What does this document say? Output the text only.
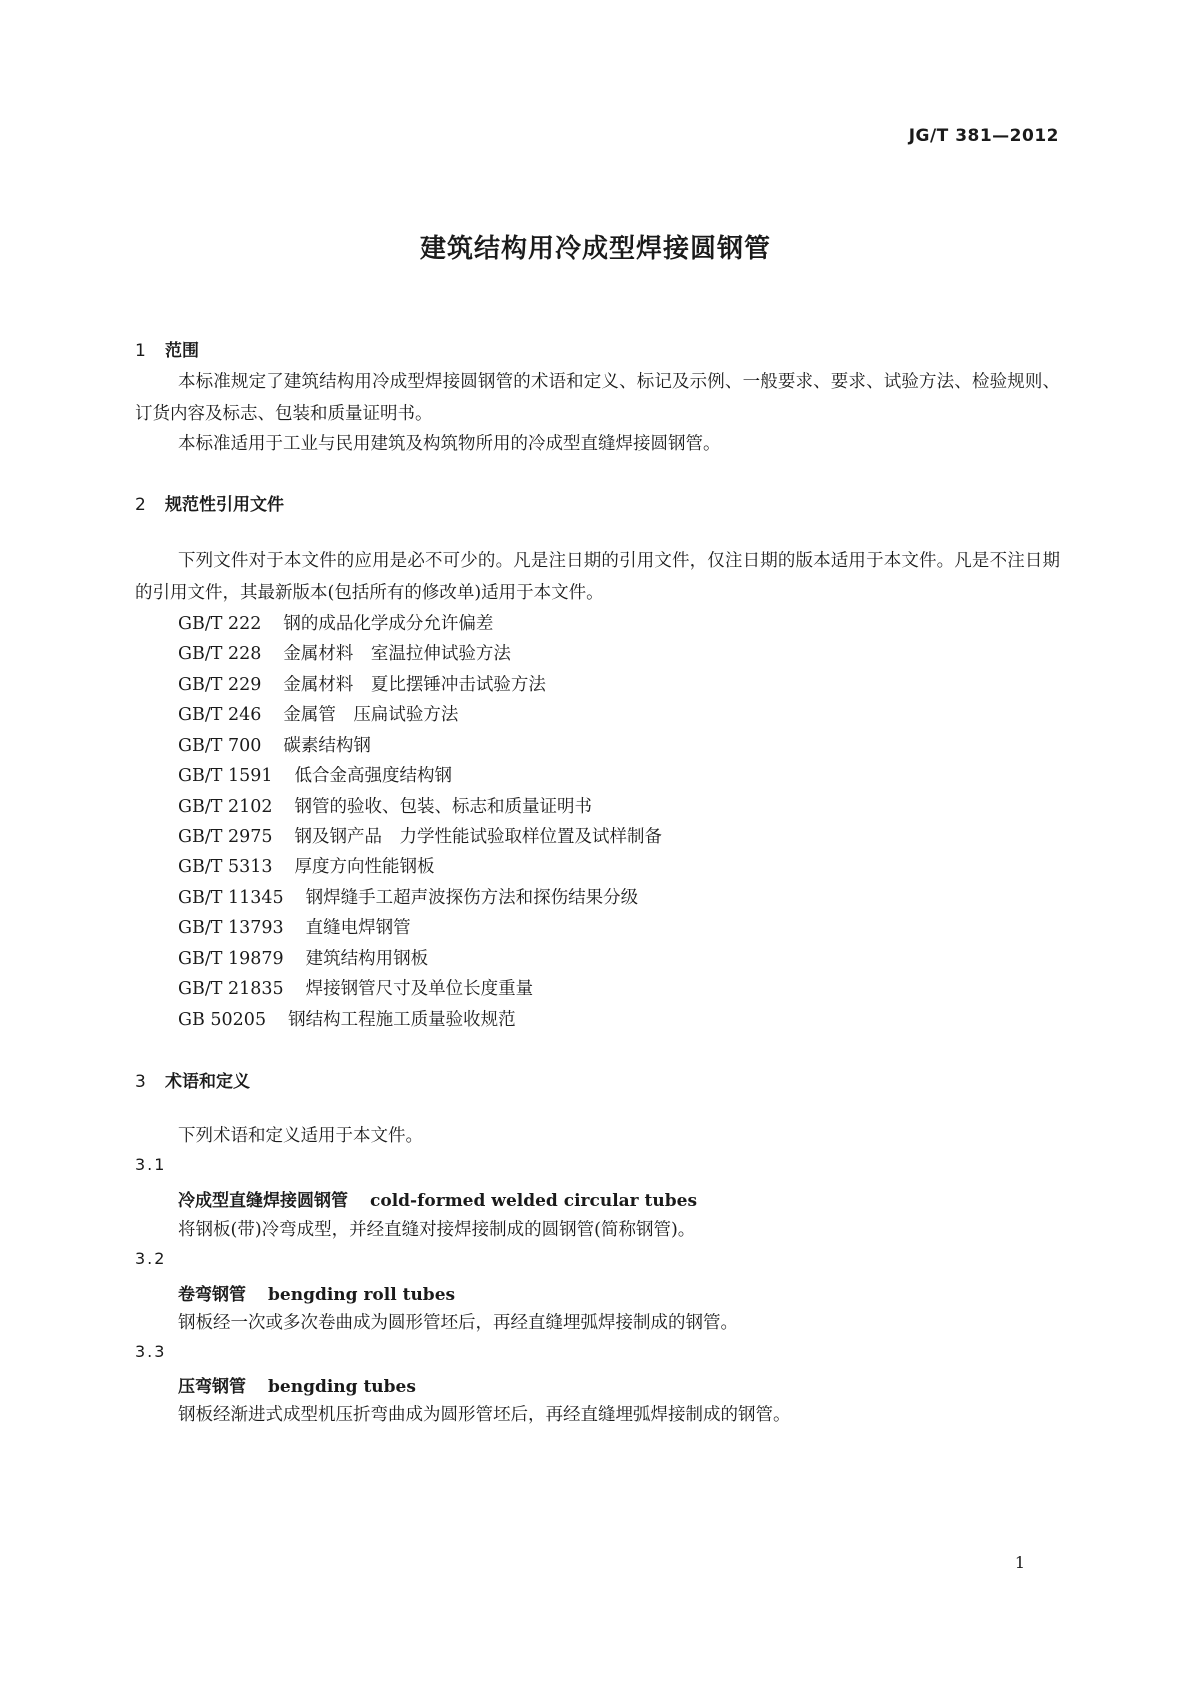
JG/T 381—2012
建筑结构用冷成型焊接圆钢管
1 范围
本标准规定了建筑结构用冷成型焊接圆钢管的术语和定义、标记及示例、一般要求、要求、试验方法、检验规则、订货内容及标志、包装和质量证明书。
本标准适用于工业与民用建筑及构筑物所用的冷成型直缝焊接圆钢管。
2 规范性引用文件
下列文件对于本文件的应用是必不可少的。凡是注日期的引用文件，仅注日期的版本适用于本文件。凡是不注日期的引用文件，其最新版本(包括所有的修改单)适用于本文件。
GB/T 222 钢的成品化学成分允许偏差
GB/T 228 金属材料　室温拉伸试验方法
GB/T 229 金属材料　夏比摆锤冲击试验方法
GB/T 246 金属管　压扁试验方法
GB/T 700 碳素结构钢
GB/T 1591 低合金高强度结构钢
GB/T 2102 钢管的验收、包装、标志和质量证明书
GB/T 2975 钢及钢产品　力学性能试验取样位置及试样制备
GB/T 5313 厚度方向性能钢板
GB/T 11345 钢焊缝手工超声波探伤方法和探伤结果分级
GB/T 13793 直缝电焊钢管
GB/T 19879 建筑结构用钢板
GB/T 21835 焊接钢管尺寸及单位长度重量
GB 50205 钢结构工程施工质量验收规范
3 术语和定义
下列术语和定义适用于本文件。
3.1
冷成型直缝焊接圆钢管 cold-formed welded circular tubes
将钢板(带)冷弯成型，并经直缝对接焊接制成的圆钢管(简称钢管)。
3.2
卷弯钢管 bengding roll tubes
钢板经一次或多次卷曲成为圆形管坯后，再经直缝埋弧焊接制成的钢管。
3.3
压弯钢管 bengding tubes
钢板经渐进式成型机压折弯曲成为圆形管坯后，再经直缝埋弧焊接制成的钢管。
1
